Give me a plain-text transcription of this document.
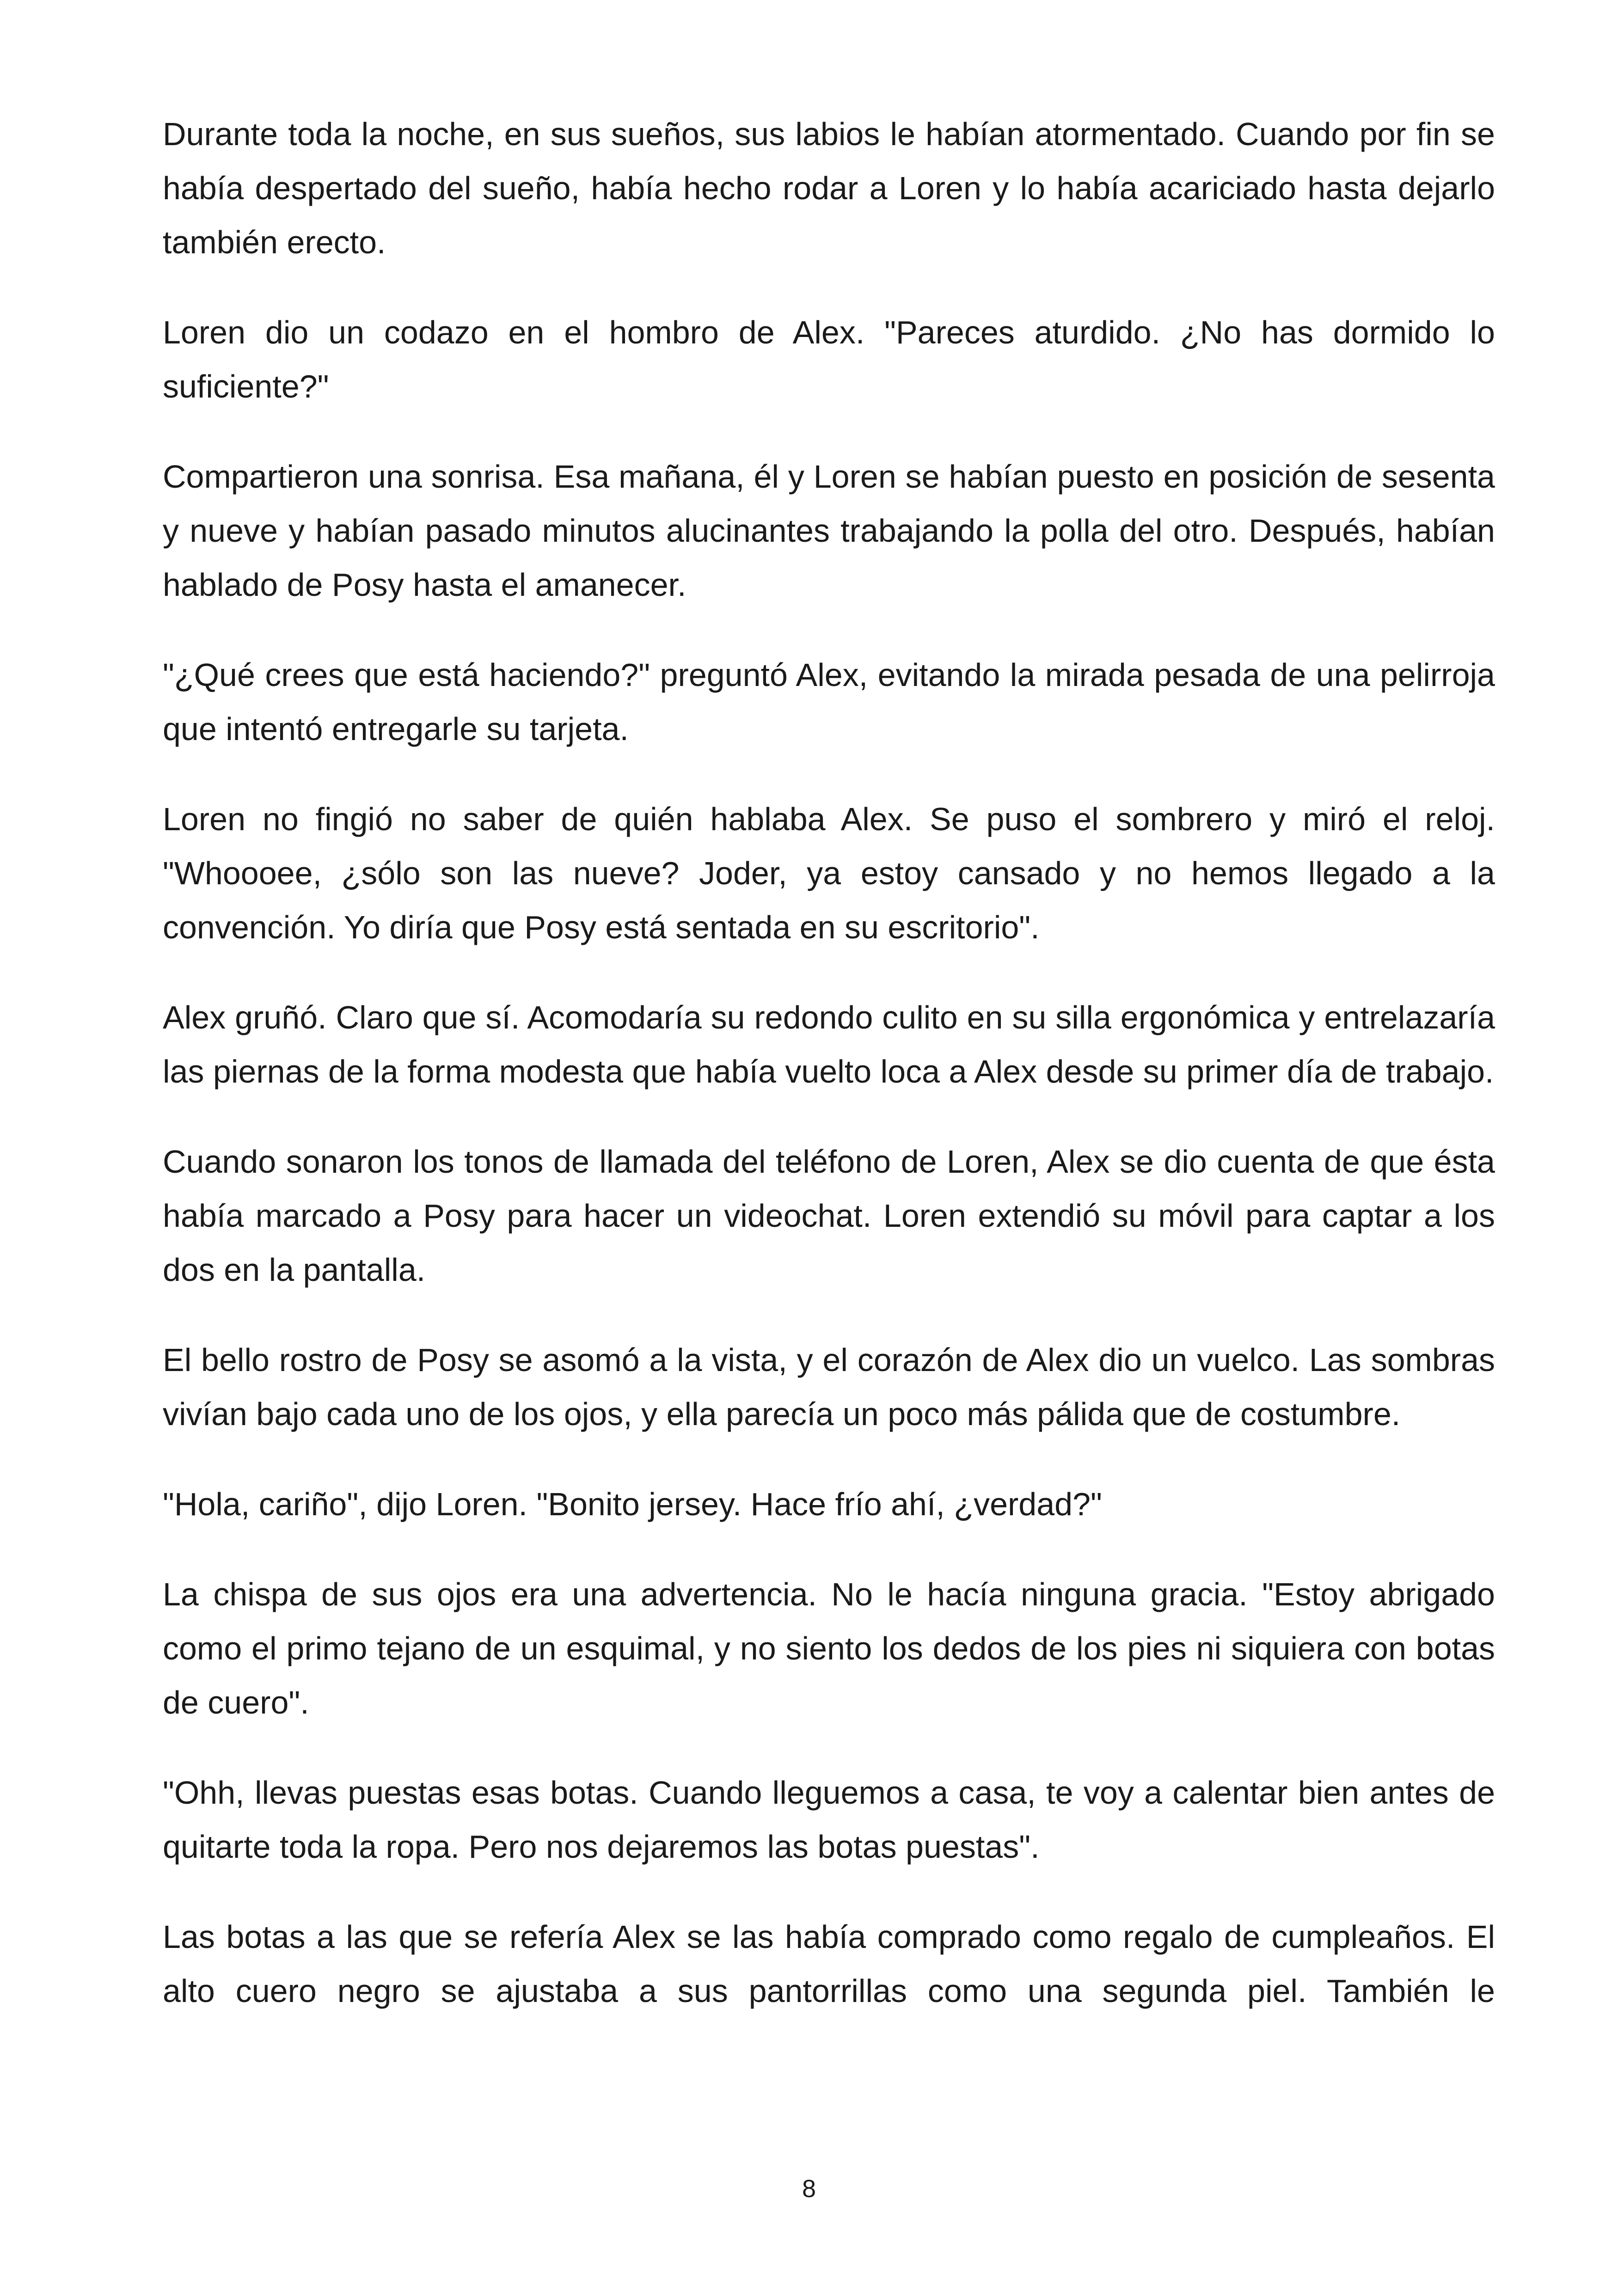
Durante toda la noche, en sus sueños, sus labios le habían atormentado. Cuando por fin se había despertado del sueño, había hecho rodar a Loren y lo había acariciado hasta dejarlo también erecto.

Loren dio un codazo en el hombro de Alex. "Pareces aturdido. ¿No has dormido lo suficiente?"

Compartieron una sonrisa. Esa mañana, él y Loren se habían puesto en posición de sesenta y nueve y habían pasado minutos alucinantes trabajando la polla del otro. Después, habían hablado de Posy hasta el amanecer.

"¿Qué crees que está haciendo?" preguntó Alex, evitando la mirada pesada de una pelirroja que intentó entregarle su tarjeta.

Loren no fingió no saber de quién hablaba Alex. Se puso el sombrero y miró el reloj. "Whoooee, ¿sólo son las nueve? Joder, ya estoy cansado y no hemos llegado a la convención. Yo diría que Posy está sentada en su escritorio".

Alex gruñó. Claro que sí. Acomodaría su redondo culito en su silla ergonómica y entrelazaría las piernas de la forma modesta que había vuelto loca a Alex desde su primer día de trabajo.

Cuando sonaron los tonos de llamada del teléfono de Loren, Alex se dio cuenta de que ésta había marcado a Posy para hacer un videochat. Loren extendió su móvil para captar a los dos en la pantalla.

El bello rostro de Posy se asomó a la vista, y el corazón de Alex dio un vuelco. Las sombras vivían bajo cada uno de los ojos, y ella parecía un poco más pálida que de costumbre.

"Hola, cariño", dijo Loren. "Bonito jersey. Hace frío ahí, ¿verdad?"

La chispa de sus ojos era una advertencia. No le hacía ninguna gracia. "Estoy abrigado como el primo tejano de un esquimal, y no siento los dedos de los pies ni siquiera con botas de cuero".

"Ohh, llevas puestas esas botas. Cuando lleguemos a casa, te voy a calentar bien antes de quitarte toda la ropa. Pero nos dejaremos las botas puestas".

Las botas a las que se refería Alex se las había comprado como regalo de cumpleaños. El alto cuero negro se ajustaba a sus pantorrillas como una segunda piel. También le

8
